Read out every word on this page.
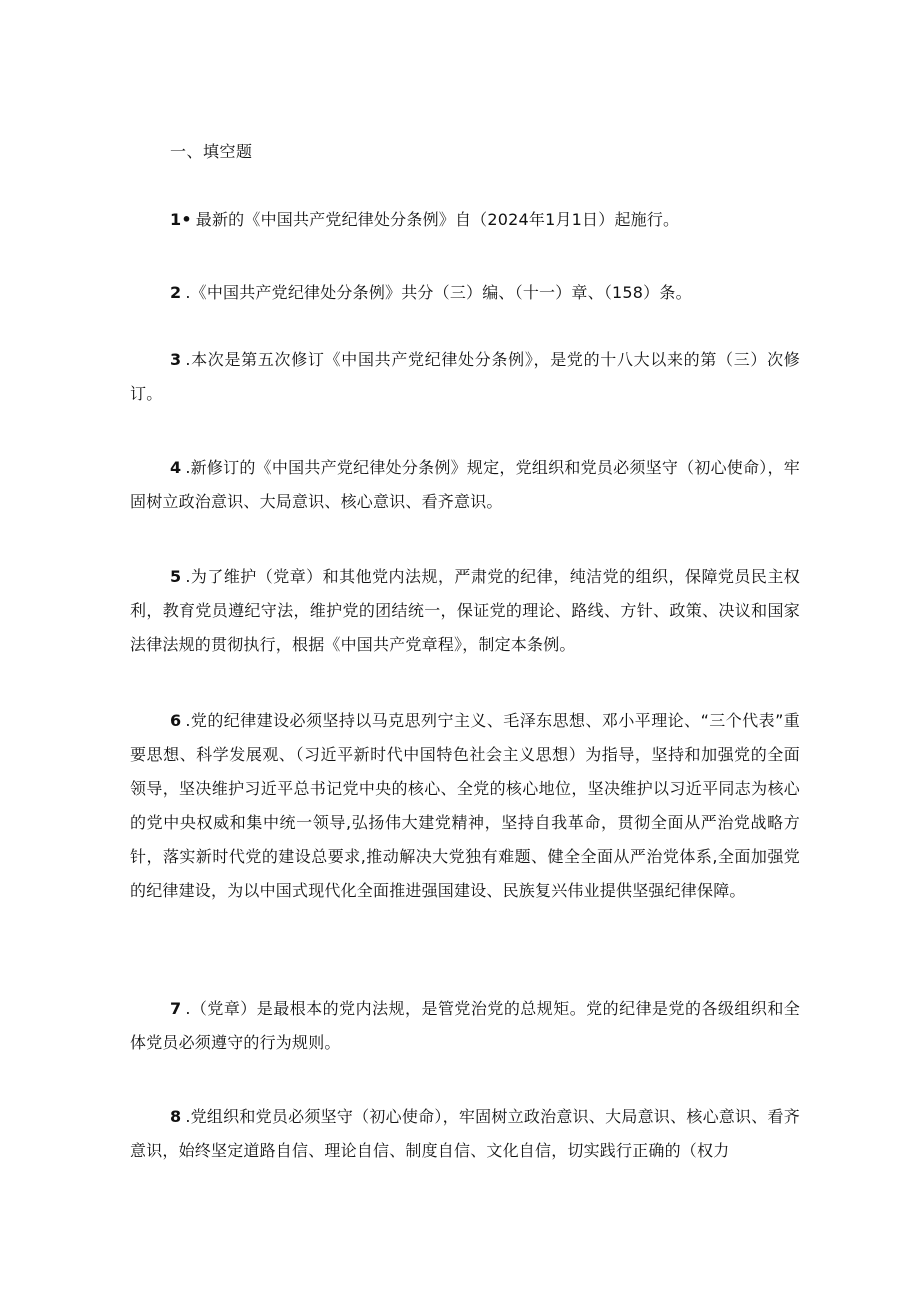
一、填空题
1• 最新的《中国共产党纪律处分条例》自（2024年1月1日）起施行。
2 .《中国共产党纪律处分条例》共分（三）编、（十一）章、（158）条。
3 .本次是第五次修订《中国共产党纪律处分条例》，是党的十八大以来的第（三）次修订。
4 .新修订的《中国共产党纪律处分条例》规定，党组织和党员必须坚守（初心使命），牢固树立政治意识、大局意识、核心意识、看齐意识。
5 .为了维护（党章）和其他党内法规，严肃党的纪律，纯洁党的组织，保障党员民主权利，教育党员遵纪守法，维护党的团结统一，保证党的理论、路线、方针、政策、决议和国家法律法规的贯彻执行，根据《中国共产党章程》，制定本条例。
6 .党的纪律建设必须坚持以马克思列宁主义、毛泽东思想、邓小平理论、“三个代表”重要思想、科学发展观、（习近平新时代中国特色社会主义思想）为指导，坚持和加强党的全面领导，坚决维护习近平总书记党中央的核心、全党的核心地位，坚决维护以习近平同志为核心的党中央权威和集中统一领导,弘扬伟大建党精神，坚持自我革命，贯彻全面从严治党战略方针，落实新时代党的建设总要求,推动解决大党独有难题、健全全面从严治党体系,全面加强党的纪律建设，为以中国式现代化全面推进强国建设、民族复兴伟业提供坚强纪律保障。
7 .（党章）是最根本的党内法规，是管党治党的总规矩。党的纪律是党的各级组织和全体党员必须遵守的行为规则。
8 .党组织和党员必须坚守（初心使命），牢固树立政治意识、大局意识、核心意识、看齐意识，始终坚定道路自信、理论自信、制度自信、文化自信，切实践行正确的（权力
